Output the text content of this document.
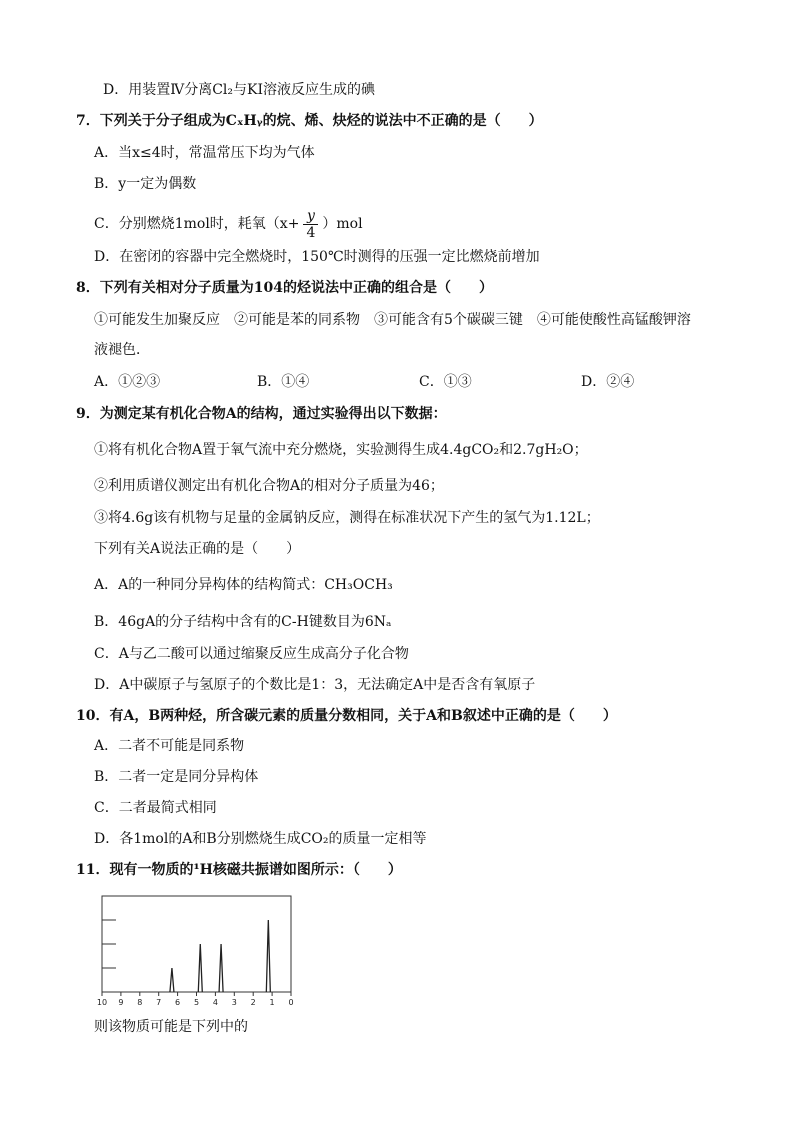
D．用装置Ⅳ分离Cl₂与KI溶液反应生成的碘
7．下列关于分子组成为CₓHᵧ的烷、烯、炔烃的说法中不正确的是（　　）
A．当x≤4时，常温常压下均为气体
B．y一定为偶数
C．分别燃烧1mol时，耗氧$(x+ \frac{y}{4} )mol$
D．在密闭的容器中完全燃烧时，150℃时测得的压强一定比燃烧前增加
8．下列有关相对分子质量为104的烃说法中正确的组合是（　　）
①可能发生加聚反应　②可能是苯的同系物　③可能含有5个碳碳三键　④可能使酸性高锰酸钾溶
液褪色．
A．①②③	B．①④	C．①③	D．②④
9．为测定某有机化合物A的结构，通过实验得出以下数据：
①将有机化合物A置于氧气流中充分燃烧，实验测得生成4.4gCO₂和2.7gH₂O；
②利用质谱仪测定出有机化合物A的相对分子质量为46；
③将4.6g该有机物与足量的金属钠反应，测得在标准状况下产生的氢气为1.12L；
下列有关A说法正确的是（　　）
A．A的一种同分异构体的结构简式：CH₃OCH₃
B．46gA的分子结构中含有的C-H键数目为6Nₐ
C．A与乙二酸可以通过缩聚反应生成高分子化合物
D．A中碳原子与氢原子的个数比是1：3，无法确定A中是否含有氧原子
10．有A，B两种烃，所含碳元素的质量分数相同，关于A和B叙述中正确的是（　　）
A．二者不可能是同系物
B．二者一定是同分异构体
C．二者最简式相同
D．各1mol的A和B分别燃烧生成CO₂的质量一定相等
11．现有一物质的¹H核磁共振谱如图所示：（　　）
10 9 8 7 6 5 4 3 2 1 0
则该物质可能是下列中的
